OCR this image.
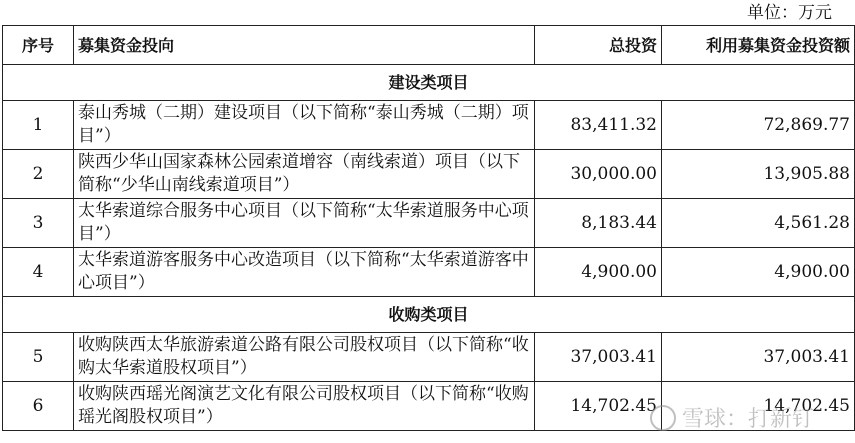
单位：万元
序号	募集资金投向	总投资	利用募集资金投资额
建设类项目			
1	泰山秀城（二期）建设项目（以下简称“泰山秀城（二期）项目”）	83,411.32	72,869.77
2	陕西少华山国家森林公园索道增容（南线索道）项目（以下简称“少华山南线索道项目”）	30,000.00	13,905.88
3	太华索道综合服务中心项目（以下简称“太华索道服务中心项目”）	8,183.44	4,561.28
4	太华索道游客服务中心改造项目（以下简称“太华索道游客中心项目”）	4,900.00	4,900.00
收购类项目			
5	收购陕西太华旅游索道公路有限公司股权项目（以下简称“收购太华索道股权项目”）	37,003.41	37,003.41
6	收购陕西瑶光阁演艺文化有限公司股权项目（以下简称“收购瑶光阁股权项目”）	14,702.45	14,702.45
雪球：打新钉
